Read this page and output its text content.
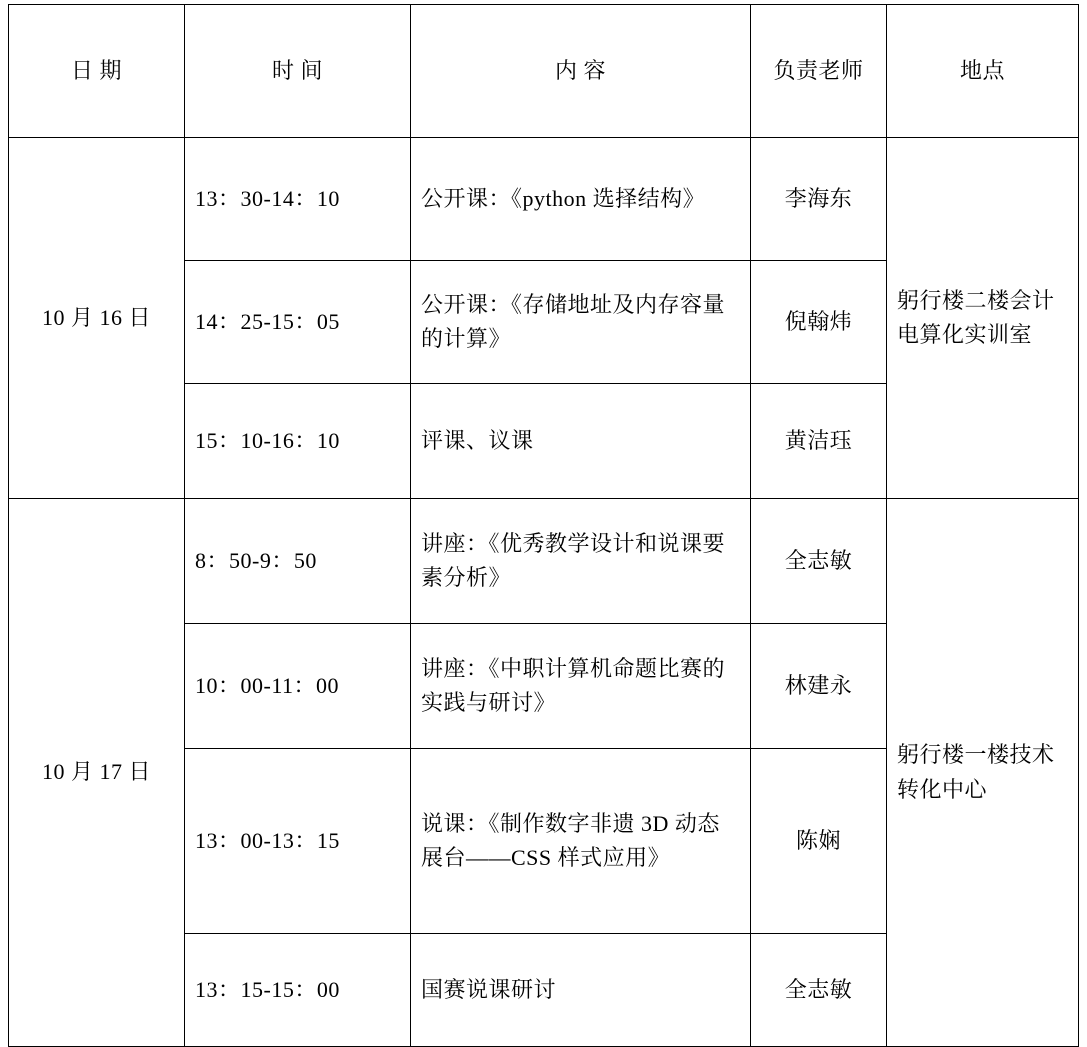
日 期	时 间	内 容	负责老师	地点
10 月 16 日	13：30-14：10	公开课：《python 选择结构》	李海东	躬行楼二楼会计电算化实训室
	14：25-15：05	公开课：《存储地址及内存容量的计算》	倪翰炜	
	15：10-16：10	评课、议课	黄洁珏	
10 月 17 日	8：50-9：50	讲座：《优秀教学设计和说课要素分析》	全志敏	躬行楼一楼技术转化中心
	10：00-11：00	讲座：《中职计算机命题比赛的实践与研讨》	林建永	
	13：00-13：15	说课：《制作数字非遗 3D 动态展台——CSS 样式应用》	陈娴	
	13：15-15：00	国赛说课研讨	全志敏	
